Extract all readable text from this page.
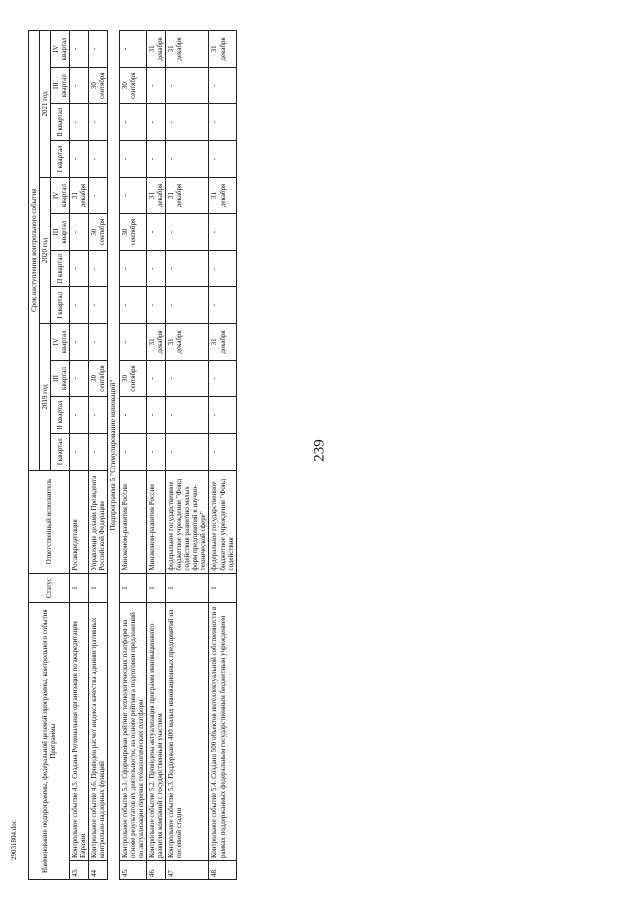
239
29031804.doc	Наименование подпрограммы, федеральной целевой программы, контрольного события Программы		Статус	Ответственный исполнитель	Срок наступления контрольного события											
				2019 год				2020 год				2021 год			
				I квартал	II квартал	III квартал	IV квартал	I квартал	II квартал	III квартал	IV квартал	I квартал	II квартал	III квартал	IV квартал
43.	Контрольное событие 4.5. Создана Региональная организация по аккредитации Евразии	1	Росаккредитация	-	-	-	-	-	-	-	31 декабря	-	-	-	-
44	Контрольное событие 4.6. Проведен расчет индекса качества административных контрольно-надзорных функций	1	Управление делами Президента Российской Федерации	-	-	30 сентября	-	-	-	30 сентября	-	-	-	30 сентября	-
Подпрограмма 5 "Стимулирование инноваций"															
45.	Контрольное событие 5.1. Сформирован рейтинг технологических платформ на основе результатов их деятельности, на основе рейтинга подготовки предложений по актуализации перечня технологических платформ	1	Минэконом-развития России	-	-	30 сентября	-	-	-	30 сентября	-	-	-	30 сентября	-
46.	Контрольное событие 5.2. Проведена актуализация программ инновационного развития компаний с государственным участием	1	Минэконом-развития России	-	-	-	31 декабря	-	-	-	31 декабря	-	-	-	31 декабря
47	Контрольное событие 5.3. Поддержано 400 малых инновационных предприятий на посевной стадии	1	федеральное государственное бюджетное учреждение "Фонд содействия развитию малых форм предприятий в научно-технической сфере"	-	-	-	31 декабря	-	-	-	31 декабря	-	-	-	31 декабря
48.	Контрольное событие 5.4. Создано 500 объектов интеллектуальной собственности в рамках поддержанных федеральным государственным бюджетным учреждением	1	федеральное государственное бюджетное учреждение "Фонд содействия	-	-	-	31 декабря	-	-	-	31 декабря	-	-	-	31 декабря
